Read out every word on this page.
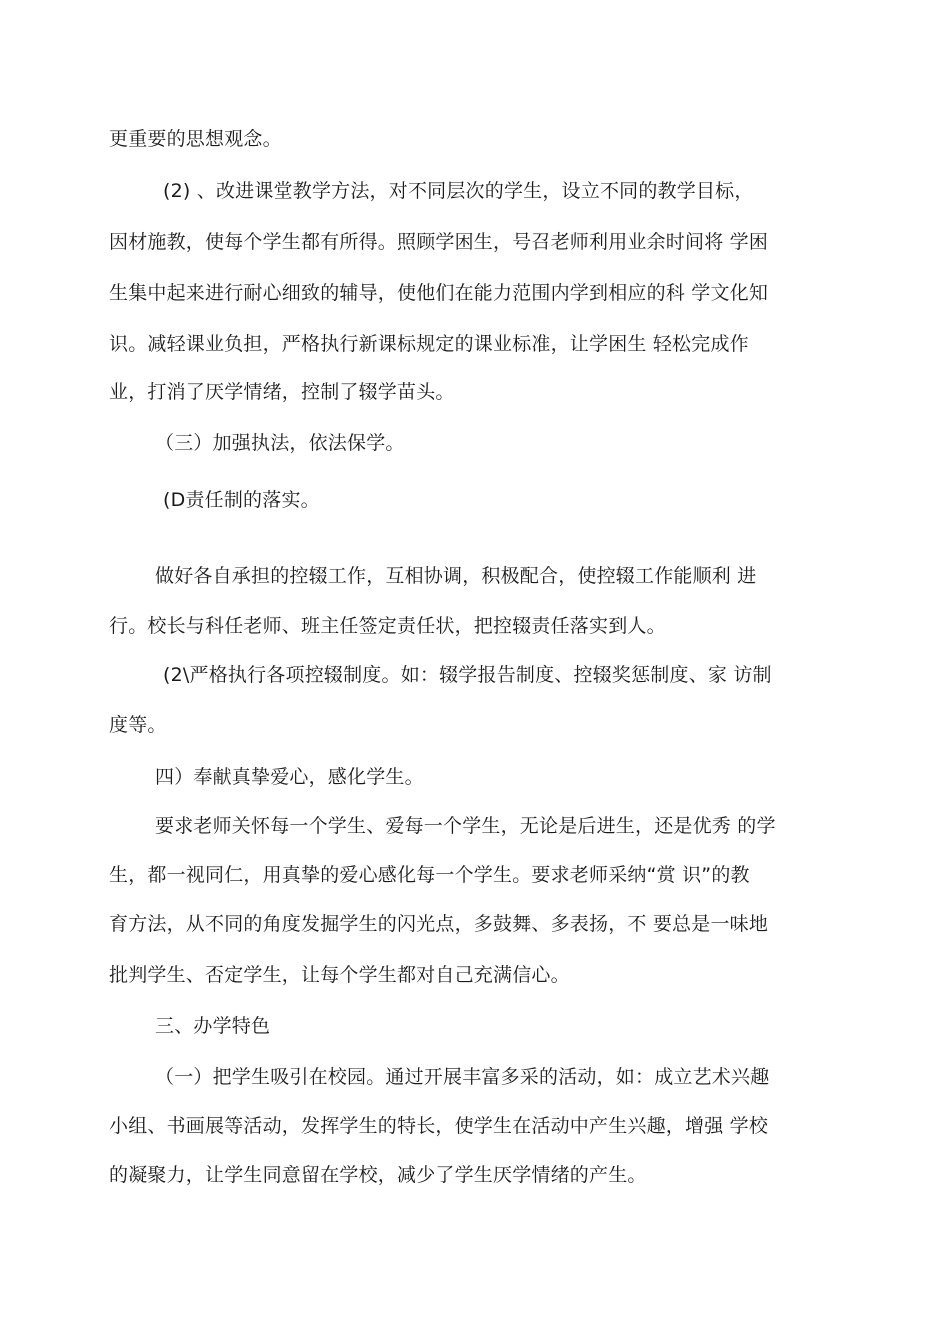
更重要的思想观念。
(2) 、改进课堂教学方法，对不同层次的学生，设立不同的教学目标，
因材施教，使每个学生都有所得。照顾学困生，号召老师利用业余时间将 学困
生集中起来进行耐心细致的辅导，使他们在能力范围内学到相应的科 学文化知
识。减轻课业负担，严格执行新课标规定的课业标准，让学困生 轻松完成作
业，打消了厌学情绪，控制了辍学苗头。
（三）加强执法，依法保学。
(D责任制的落实。
做好各自承担的控辍工作，互相协调，积极配合，使控辍工作能顺利 进
行。校长与科任老师、班主任签定责任状，把控辍责任落实到人。
(2\严格执行各项控辍制度。如：辍学报告制度、控辍奖惩制度、家 访制
度等。
四）奉献真挚爱心，感化学生。
要求老师关怀每一个学生、爱每一个学生，无论是后进生，还是优秀 的学
生，都一视同仁，用真挚的爱心感化每一个学生。要求老师采纳“赏 识”的教
育方法，从不同的角度发掘学生的闪光点，多鼓舞、多表扬，不 要总是一味地
批判学生、否定学生，让每个学生都对自己充满信心。
三、办学特色
（一）把学生吸引在校园。通过开展丰富多采的活动，如：成立艺术兴趣
小组、书画展等活动，发挥学生的特长，使学生在活动中产生兴趣，增强 学校
的凝聚力，让学生同意留在学校，减少了学生厌学情绪的产生。
